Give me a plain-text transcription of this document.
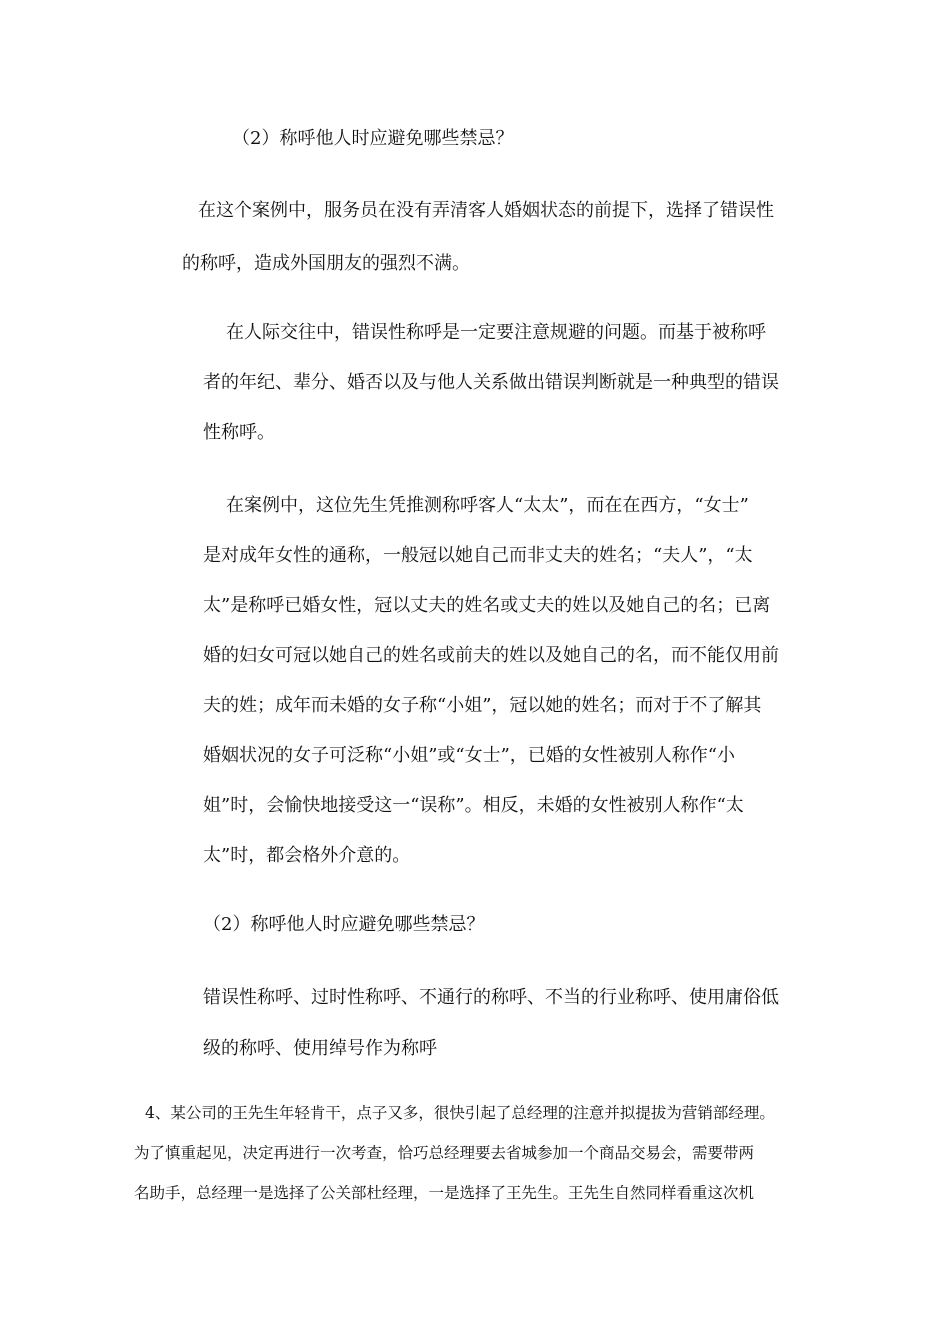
（2）称呼他人时应避免哪些禁忌？
在这个案例中，服务员在没有弄清客人婚姻状态的前提下，选择了错误性
的称呼，造成外国朋友的强烈不满。
在人际交往中，错误性称呼是一定要注意规避的问题。而基于被称呼
者的年纪、辈分、婚否以及与他人关系做出错误判断就是一种典型的错误
性称呼。
在案例中，这位先生凭推测称呼客人“太太”，而在在西方，“女士”
是对成年女性的通称，一般冠以她自己而非丈夫的姓名；“夫人”，“太
太”是称呼已婚女性，冠以丈夫的姓名或丈夫的姓以及她自己的名；已离
婚的妇女可冠以她自己的姓名或前夫的姓以及她自己的名，而不能仅用前
夫的姓；成年而未婚的女子称“小姐”，冠以她的姓名；而对于不了解其
婚姻状况的女子可泛称“小姐”或“女士”，已婚的女性被别人称作“小
姐”时，会愉快地接受这一“误称”。相反，未婚的女性被别人称作“太
太”时，都会格外介意的。
（2）称呼他人时应避免哪些禁忌？
错误性称呼、过时性称呼、不通行的称呼、不当的行业称呼、使用庸俗低
级的称呼、使用绰号作为称呼
4、某公司的王先生年轻肯干，点子又多，很快引起了总经理的注意并拟提拔为营销部经理。
为了慎重起见，决定再进行一次考查，恰巧总经理要去省城参加一个商品交易会，需要带两
名助手，总经理一是选择了公关部杜经理，一是选择了王先生。王先生自然同样看重这次机
